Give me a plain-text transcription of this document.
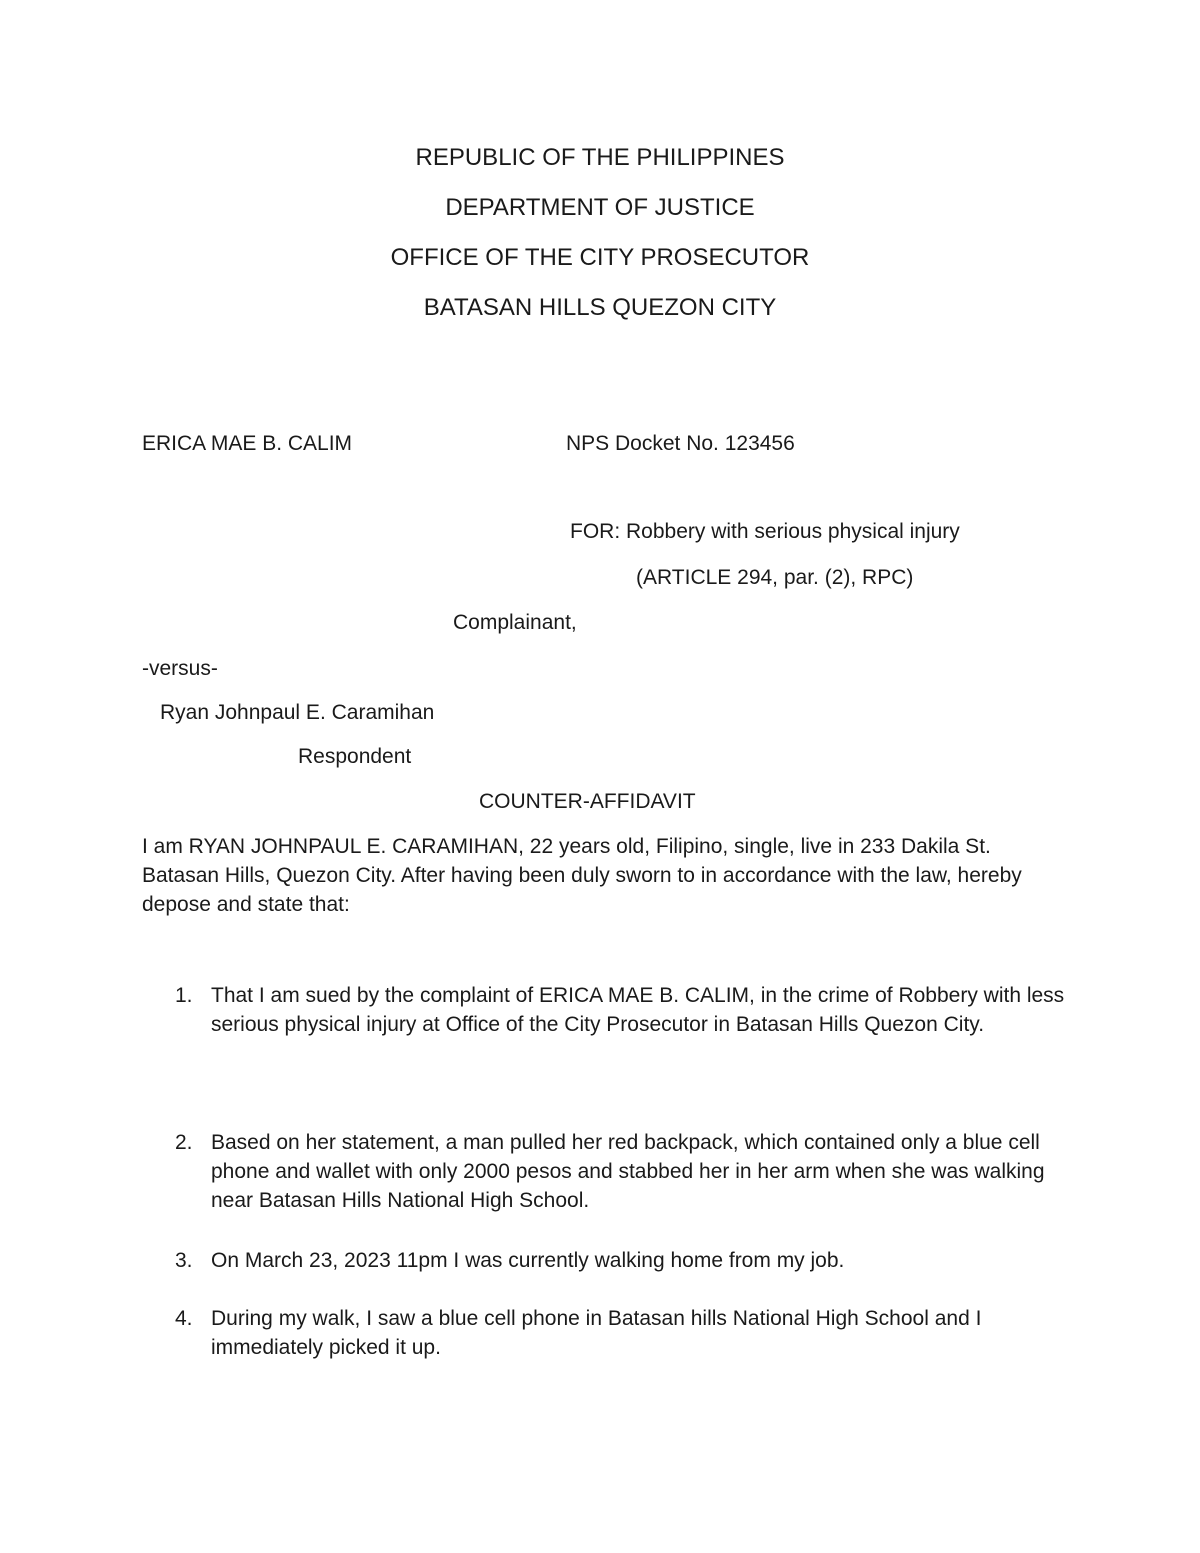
REPUBLIC OF THE PHILIPPINES
DEPARTMENT OF JUSTICE
OFFICE OF THE CITY PROSECUTOR
BATASAN HILLS QUEZON CITY
ERICA MAE B. CALIM	NPS Docket No. 123456
FOR: Robbery with serious physical injury
(ARTICLE 294, par. (2), RPC)
Complainant,
-versus-
Ryan Johnpaul E. Caramihan
Respondent
COUNTER-AFFIDAVIT
I am RYAN JOHNPAUL E. CARAMIHAN, 22 years old, Filipino, single, live in 233 Dakila St. Batasan Hills, Quezon City. After having been duly sworn to in accordance with the law, hereby depose and state that:
1. That I am sued by the complaint of ERICA MAE B. CALIM, in the crime of Robbery with less serious physical injury at Office of the City Prosecutor in Batasan Hills Quezon City.
2. Based on her statement, a man pulled her red backpack, which contained only a blue cell phone and wallet with only 2000 pesos and stabbed her in her arm when she was walking near Batasan Hills National High School.
3. On March 23, 2023 11pm I was currently walking home from my job.
4. During my walk, I saw a blue cell phone in Batasan hills National High School and I immediately picked it up.
